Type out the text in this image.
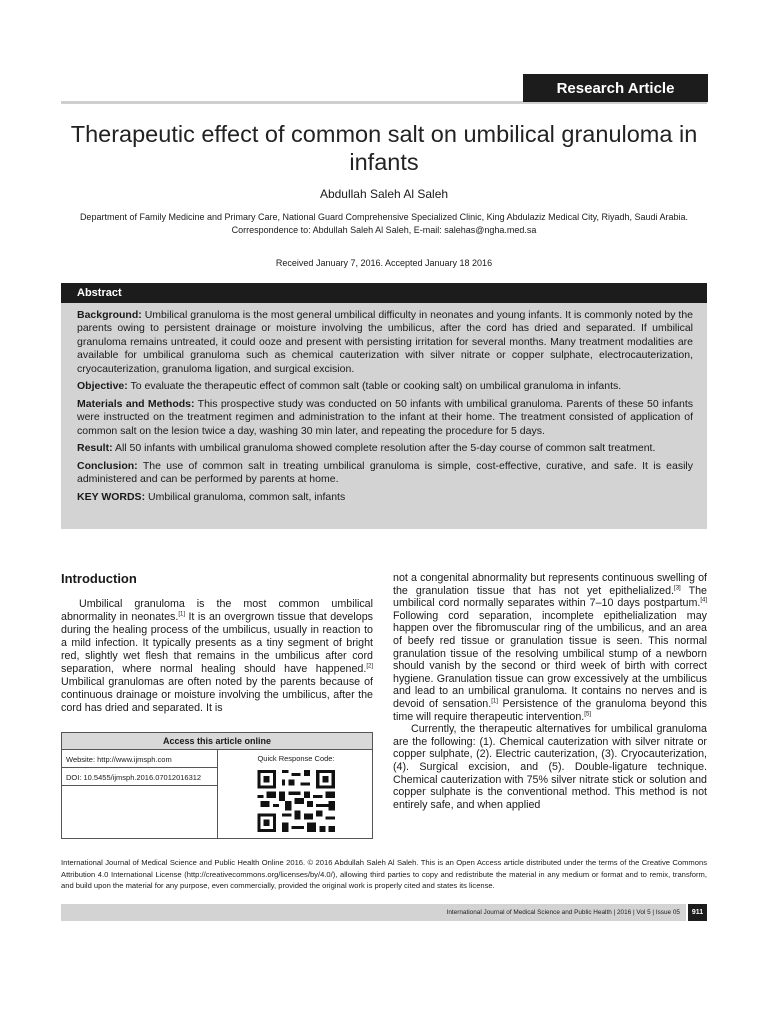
Research Article
Therapeutic effect of common salt on umbilical granuloma in infants
Abdullah Saleh Al Saleh
Department of Family Medicine and Primary Care, National Guard Comprehensive Specialized Clinic, King Abdulaziz Medical City, Riyadh, Saudi Arabia.
Correspondence to: Abdullah Saleh Al Saleh, E-mail: salehas@ngha.med.sa
Received January 7, 2016. Accepted January 18 2016
Abstract

Background: Umbilical granuloma is the most general umbilical difficulty in neonates and young infants. It is commonly noted by the parents owing to persistent drainage or moisture involving the umbilicus, after the cord has dried and separated. If umbilical granuloma remains untreated, it could ooze and present with persisting irritation for several months. Many treatment modalities are available for umbilical granuloma such as chemical cauterization with silver nitrate or copper sulphate, electrocauterization, cryocauterization, granuloma ligation, and surgical excision.

Objective: To evaluate the therapeutic effect of common salt (table or cooking salt) on umbilical granuloma in infants.

Materials and Methods: This prospective study was conducted on 50 infants with umbilical granuloma. Parents of these 50 infants were instructed on the treatment regimen and administration to the infant at their home. The treatment consisted of application of common salt on the lesion twice a day, washing 30 min later, and repeating the procedure for 5 days.

Result: All 50 infants with umbilical granuloma showed complete resolution after the 5-day course of common salt treatment.

Conclusion: The use of common salt in treating umbilical granuloma is simple, cost-effective, curative, and safe. It is easily administered and can be performed by parents at home.

KEY WORDS: Umbilical granuloma, common salt, infants

Introduction

Umbilical granuloma is the most common umbilical abnormality in neonates.[1] It is an overgrown tissue that develops during the healing process of the umbilicus, usually in reaction to a mild infection. It typically presents as a tiny segment of bright red, slightly wet flesh that remains in the umbilicus after cord separation, where normal healing should have happened.[2] Umbilical granulomas are often noted by the parents because of continuous drainage or moisture involving the umbilicus, after the cord has dried and separated. It is

not a congenital abnormality but represents continuous swelling of the granulation tissue that has not yet epithelialized.[3] The umbilical cord normally separates within 7–10 days postpartum.[4] Following cord separation, incomplete epithelialization may happen over the fibromuscular ring of the umbilicus, and an area of beefy red tissue or granulation tissue is seen. This normal granulation tissue of the resolving umbilical stump of a newborn should vanish by the second or third week of birth with correct hygiene. Granulation tissue can grow excessively at the umbilicus and lead to an umbilical granuloma. It contains no nerves and is devoid of sensation.[1] Persistence of the granuloma beyond this time will require therapeutic intervention.[5]

Currently, the therapeutic alternatives for umbilical granuloma are the following: (1). Chemical cauterization with silver nitrate or copper sulphate, (2). Electric cauterization, (3). Cryocauterization, (4). Surgical excision, and (5). Double-ligature technique. Chemical cauterization with 75% silver nitrate stick or solution and copper sulphate is the conventional method. This method is not entirely safe, and when applied

Access this article online
Website: http://www.ijmsph.com
DOI: 10.5455/ijmsph.2016.07012016312
Quick Response Code:
International Journal of Medical Science and Public Health Online 2016. © 2016 Abdullah Saleh Al Saleh. This is an Open Access article distributed under the terms of the Creative Commons Attribution 4.0 International License (http://creativecommons.org/licenses/by/4.0/), allowing third parties to copy and redistribute the material in any medium or format and to remix, transform, and build upon the material for any purpose, even commercially, provided the original work is properly cited and states its license.
International Journal of Medical Science and Public Health | 2016 | Vol 5 | Issue 05	911
